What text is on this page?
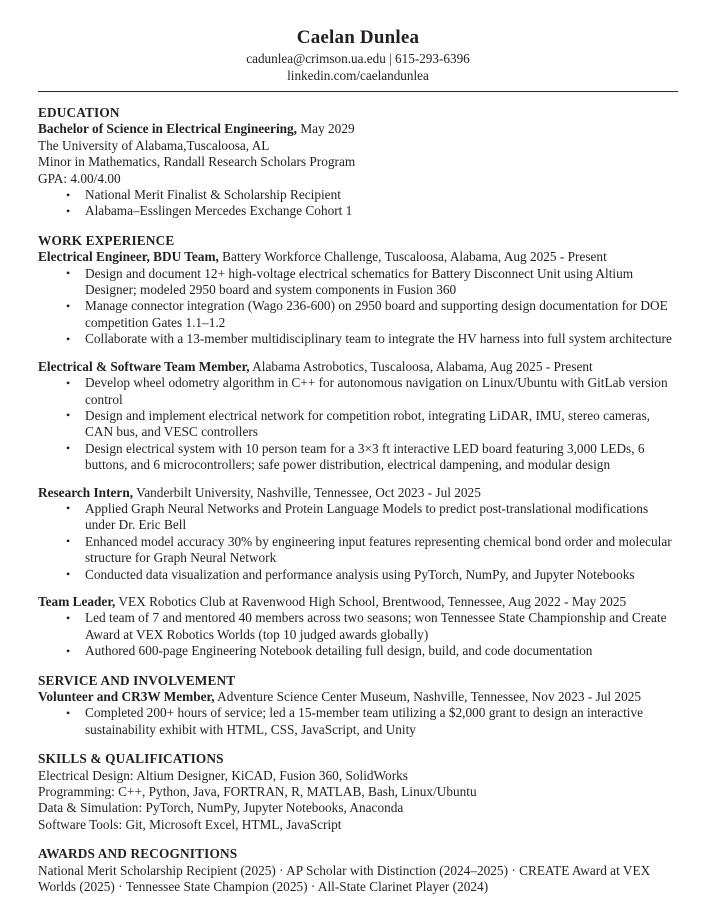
Caelan Dunlea
cadunlea@crimson.ua.edu | 615-293-6396
linkedin.com/caelandunlea
EDUCATION
Bachelor of Science in Electrical Engineering, May 2029
The University of Alabama,Tuscaloosa, AL
Minor in Mathematics, Randall Research Scholars Program
GPA: 4.00/4.00
• National Merit Finalist & Scholarship Recipient
• Alabama–Esslingen Mercedes Exchange Cohort 1
WORK EXPERIENCE
Electrical Engineer, BDU Team, Battery Workforce Challenge, Tuscaloosa, Alabama, Aug 2025 - Present
• Design and document 12+ high-voltage electrical schematics for Battery Disconnect Unit using Altium Designer; modeled 2950 board and system components in Fusion 360
• Manage connector integration (Wago 236-600) on 2950 board and supporting design documentation for DOE competition Gates 1.1–1.2
• Collaborate with a 13-member multidisciplinary team to integrate the HV harness into full system architecture
Electrical & Software Team Member, Alabama Astrobotics, Tuscaloosa, Alabama, Aug 2025 - Present
• Develop wheel odometry algorithm in C++ for autonomous navigation on Linux/Ubuntu with GitLab version control
• Design and implement electrical network for competition robot, integrating LiDAR, IMU, stereo cameras, CAN bus, and VESC controllers
• Design electrical system with 10 person team for a 3×3 ft interactive LED board featuring 3,000 LEDs, 6 buttons, and 6 microcontrollers; safe power distribution, electrical dampening, and modular design
Research Intern, Vanderbilt University, Nashville, Tennessee, Oct 2023 - Jul 2025
• Applied Graph Neural Networks and Protein Language Models to predict post-translational modifications under Dr. Eric Bell
• Enhanced model accuracy 30% by engineering input features representing chemical bond order and molecular structure for Graph Neural Network
• Conducted data visualization and performance analysis using PyTorch, NumPy, and Jupyter Notebooks
Team Leader, VEX Robotics Club at Ravenwood High School, Brentwood, Tennessee, Aug 2022 - May 2025
• Led team of 7 and mentored 40 members across two seasons; won Tennessee State Championship and Create Award at VEX Robotics Worlds (top 10 judged awards globally)
• Authored 600-page Engineering Notebook detailing full design, build, and code documentation
SERVICE AND INVOLVEMENT
Volunteer and CR3W Member, Adventure Science Center Museum, Nashville, Tennessee, Nov 2023 - Jul 2025
• Completed 200+ hours of service; led a 15-member team utilizing a $2,000 grant to design an interactive sustainability exhibit with HTML, CSS, JavaScript, and Unity
SKILLS & QUALIFICATIONS
Electrical Design: Altium Designer, KiCAD, Fusion 360, SolidWorks
Programming: C++, Python, Java, FORTRAN, R, MATLAB, Bash, Linux/Ubuntu
Data & Simulation: PyTorch, NumPy, Jupyter Notebooks, Anaconda
Software Tools: Git, Microsoft Excel, HTML, JavaScript
AWARDS AND RECOGNITIONS
National Merit Scholarship Recipient (2025) · AP Scholar with Distinction (2024–2025) · CREATE Award at VEX Worlds (2025) · Tennessee State Champion (2025) · All-State Clarinet Player (2024)
